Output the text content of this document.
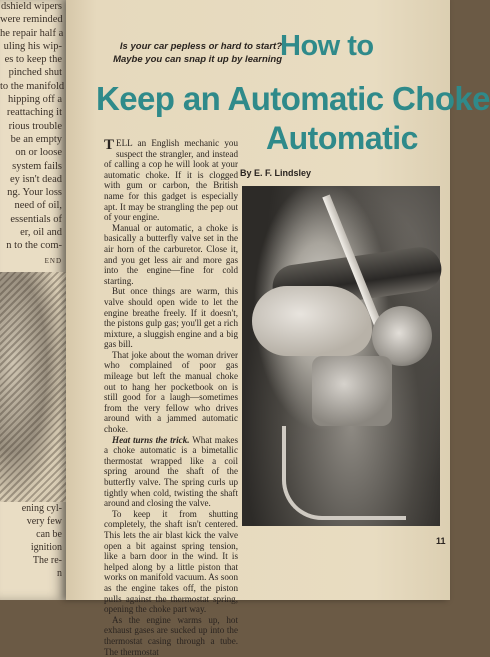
dshield wipers
were reminded
he repair half a
uling his wip-
es to keep the
pinched shut
to the manifold
hipping off a
reattaching it
rious trouble
be an empty
on or loose
system fails
ey isn't dead
ng. Your loss
need of oil,
essentials of
er, oil and
n to the com-
END
ening cyl-
very few
can be
ignition
The re-
n
Is your car pepless or hard to start? Maybe you can snap it up by learning
How to
Keep an Automatic Choke
Automatic
By E. F. Lindsley

TELL an English mechanic you suspect the strangler, and instead of calling a cop he will look at your automatic choke. If it is clogged with gum or carbon, the British name for this gadget is especially apt. It may be strangling the pep out of your engine.

Manual or automatic, a choke is basically a butterfly valve set in the air horn of the carburetor. Close it, and you get less air and more gas into the engine—fine for cold starting.

But once things are warm, this valve should open wide to let the engine breathe freely. If it doesn't, the pistons gulp gas; you'll get a rich mixture, a sluggish engine and a big gas bill.

That joke about the woman driver who complained of poor gas mileage but left the manual choke out to hang her pocketbook on is still good for a laugh—sometimes from the very fellow who drives around with a jammed automatic choke.

Heat turns the trick. What makes a choke automatic is a bimetallic thermostat wrapped like a coil spring around the shaft of the butterfly valve. The spring curls up tightly when cold, twisting the shaft around and closing the valve.

To keep it from shutting completely, the shaft isn't centered. This lets the air blast kick the valve open a bit against spring tension, like a barn door in the wind. It is helped along by a little piston that works on manifold vacuum. As soon as the engine takes off, the piston pulls against the thermostat spring, opening the choke part way.

As the engine warms up, hot exhaust gases are sucked up into the thermostat casing through a tube. The thermostat

11
